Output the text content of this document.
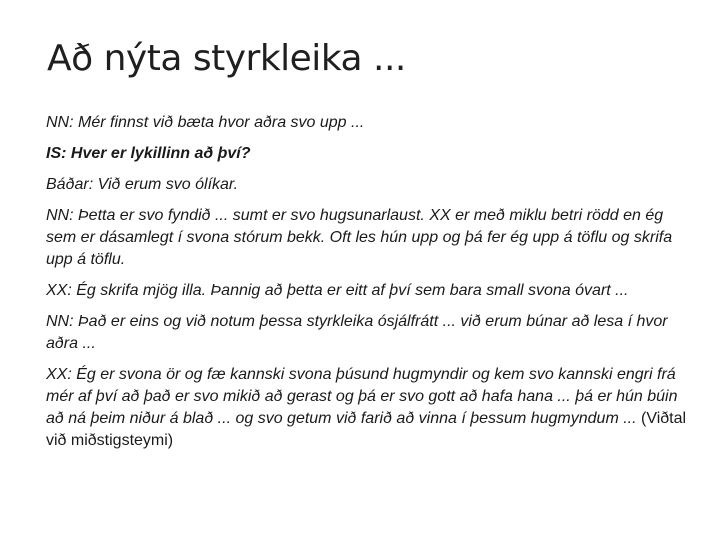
Að nýta styrkleika ...

NN: Mér finnst við bæta hvor aðra svo upp ...

IS: Hver er lykillinn að því?

Báðar: Við erum svo ólíkar.

NN: Þetta er svo fyndið ... sumt er svo hugsunarlaust. XX er með miklu betri rödd en ég sem er dásamlegt í svona stórum bekk. Oft les hún upp og þá fer ég upp á töflu og skrifa upp á töflu.

XX: Ég skrifa mjög illa. Þannig að þetta er eitt af því sem bara small svona óvart ...

NN: Það er eins og við notum þessa styrkleika ósjálfrátt ... við erum búnar að lesa í hvor aðra ...

XX: Ég er svona ör og fæ kannski svona þúsund hugmyndir og kem svo kannski engri frá mér af því að það er svo mikið að gerast og þá er svo gott að hafa hana ... þá er hún búin að ná þeim niður á blað ... og svo getum við farið að vinna í þessum hugmyndum ... (Viðtal við miðstigsteymi)
